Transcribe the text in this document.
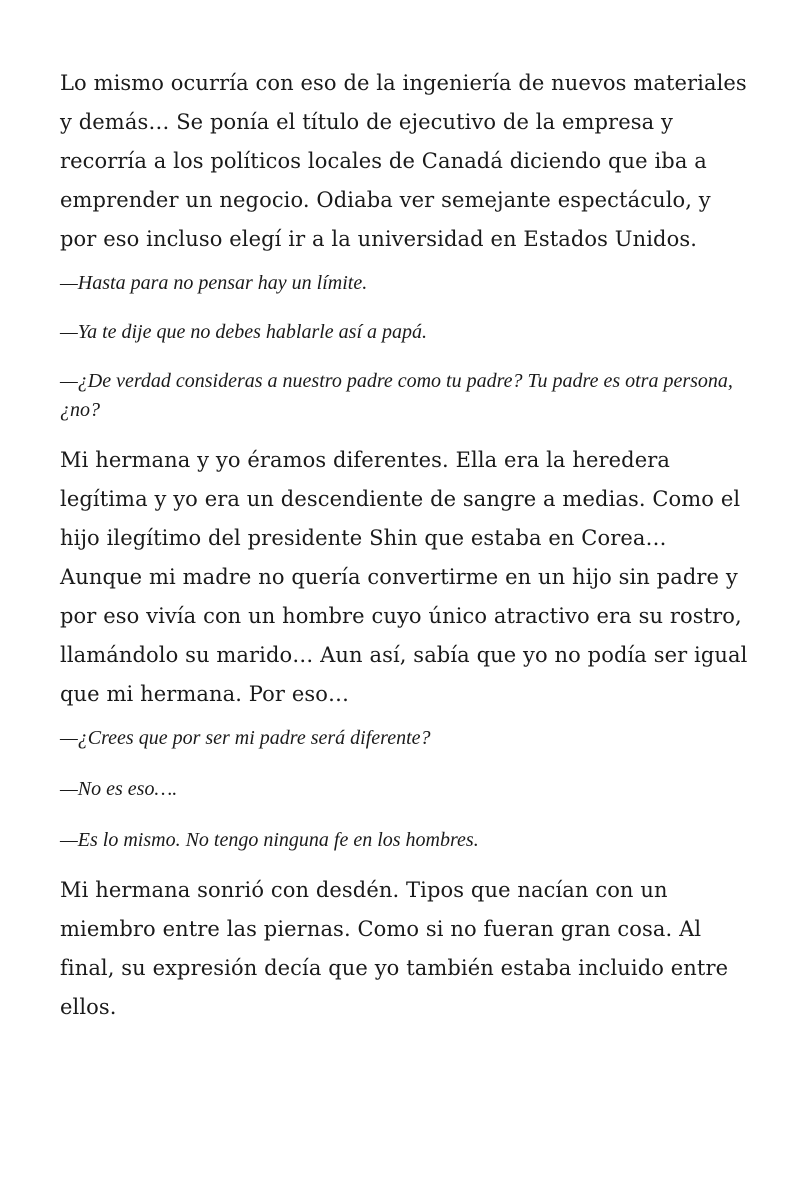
Lo mismo ocurría con eso de la ingeniería de nuevos materiales y demás… Se ponía el título de ejecutivo de la empresa y recorría a los políticos locales de Canadá diciendo que iba a emprender un negocio. Odiaba ver semejante espectáculo, y por eso incluso elegí ir a la universidad en Estados Unidos.

—Hasta para no pensar hay un límite.

—Ya te dije que no debes hablarle así a papá.

—¿De verdad consideras a nuestro padre como tu padre? Tu padre es otra persona, ¿no?

Mi hermana y yo éramos diferentes. Ella era la heredera legítima y yo era un descendiente de sangre a medias. Como el hijo ilegítimo del presidente Shin que estaba en Corea… Aunque mi madre no quería convertirme en un hijo sin padre y por eso vivía con un hombre cuyo único atractivo era su rostro, llamándolo su marido… Aun así, sabía que yo no podía ser igual que mi hermana. Por eso…

—¿Crees que por ser mi padre será diferente?

—No es eso….

—Es lo mismo. No tengo ninguna fe en los hombres.

Mi hermana sonrió con desdén. Tipos que nacían con un miembro entre las piernas. Como si no fueran gran cosa. Al final, su expresión decía que yo también estaba incluido entre ellos.
